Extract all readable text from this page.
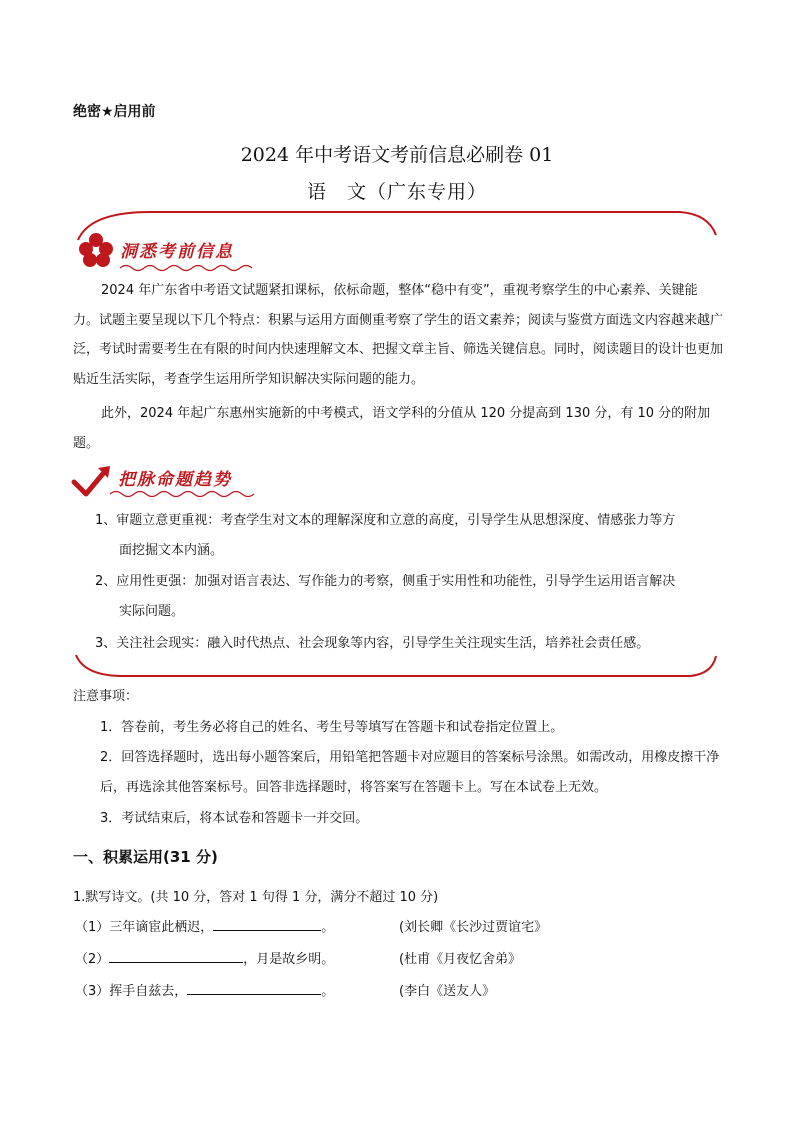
绝密★启用前
2024 年中考语文考前信息必刷卷 01
语　文（广东专用）
洞悉考前信息
2024 年广东省中考语文试题紧扣课标，依标命题，整体“稳中有变”，重视考察学生的中心素养、关键能力。试题主要呈现以下几个特点：积累与运用方面侧重考察了学生的语文素养；阅读与鉴赏方面选文内容越来越广泛，考试时需要考生在有限的时间内快速理解文本、把握文章主旨、筛选关键信息。同时，阅读题目的设计也更加贴近生活实际，考查学生运用所学知识解决实际问题的能力。
此外，2024 年起广东惠州实施新的中考模式，语文学科的分值从 120 分提高到 130 分，有 10 分的附加题。
把脉命题趋势
1、审题立意更重视：考查学生对文本的理解深度和立意的高度，引导学生从思想深度、情感张力等方
面挖掘文本内涵。
2、应用性更强：加强对语言表达、写作能力的考察，侧重于实用性和功能性，引导学生运用语言解决
实际问题。
3、关注社会现实：融入时代热点、社会现象等内容，引导学生关注现实生活，培养社会责任感。
注意事项：
1．答卷前，考生务必将自己的姓名、考生号等填写在答题卡和试卷指定位置上。
2．回答选择题时，选出每小题答案后，用铅笔把答题卡对应题目的答案标号涂黑。如需改动，用橡皮擦干净后，再选涂其他答案标号。回答非选择题时，将答案写在答题卡上。写在本试卷上无效。
3．考试结束后，将本试卷和答题卡一并交回。
一、积累运用(31 分)
1.默写诗文。(共 10 分，答对 1 句得 1 分，满分不超过 10 分)
（1）三年谪宦此栖迟，	。	(刘长卿《长沙过贾谊宅》
（2）	，月是故乡明。	(杜甫《月夜忆舍弟》
（3）挥手自兹去，	。	(李白《送友人》
